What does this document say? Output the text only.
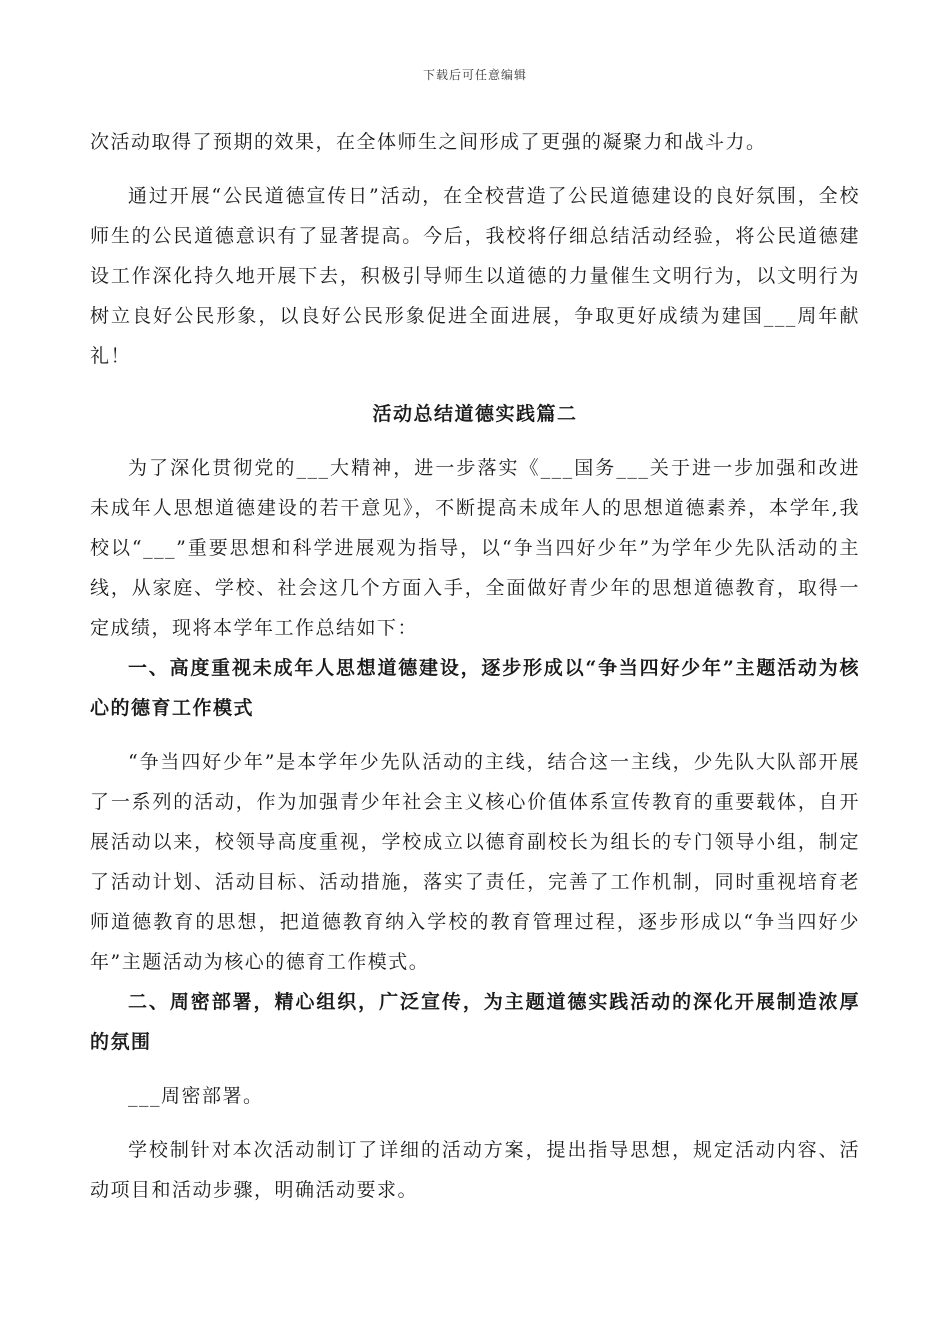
下载后可任意编辑

次活动取得了预期的效果，在全体师生之间形成了更强的凝聚力和战斗力。

通过开展“公民道德宣传日”活动，在全校营造了公民道德建设的良好氛围，全校师生的公民道德意识有了显著提高。今后，我校将仔细总结活动经验，将公民道德建设工作深化持久地开展下去，积极引导师生以道德的力量催生文明行为，以文明行为树立良好公民形象，以良好公民形象促进全面进展，争取更好成绩为建国___周年献礼！

活动总结道德实践篇二

为了深化贯彻党的___大精神，进一步落实《___国务___关于进一步加强和改进未成年人思想道德建设的若干意见》，不断提高未成年人的思想道德素养，本学年,我校以“___”重要思想和科学进展观为指导，以“争当四好少年”为学年少先队活动的主线，从家庭、学校、社会这几个方面入手，全面做好青少年的思想道德教育，取得一定成绩，现将本学年工作总结如下：

一、高度重视未成年人思想道德建设，逐步形成以“争当四好少年”主题活动为核心的德育工作模式

“争当四好少年”是本学年少先队活动的主线，结合这一主线，少先队大队部开展了一系列的活动，作为加强青少年社会主义核心价值体系宣传教育的重要载体，自开展活动以来，校领导高度重视，学校成立以德育副校长为组长的专门领导小组，制定了活动计划、活动目标、活动措施，落实了责任，完善了工作机制，同时重视培育老师道德教育的思想，把道德教育纳入学校的教育管理过程，逐步形成以“争当四好少年”主题活动为核心的德育工作模式。

二、周密部署，精心组织，广泛宣传，为主题道德实践活动的深化开展制造浓厚的氛围

___周密部署。

学校制针对本次活动制订了详细的活动方案，提出指导思想，规定活动内容、活动项目和活动步骤，明确活动要求。
